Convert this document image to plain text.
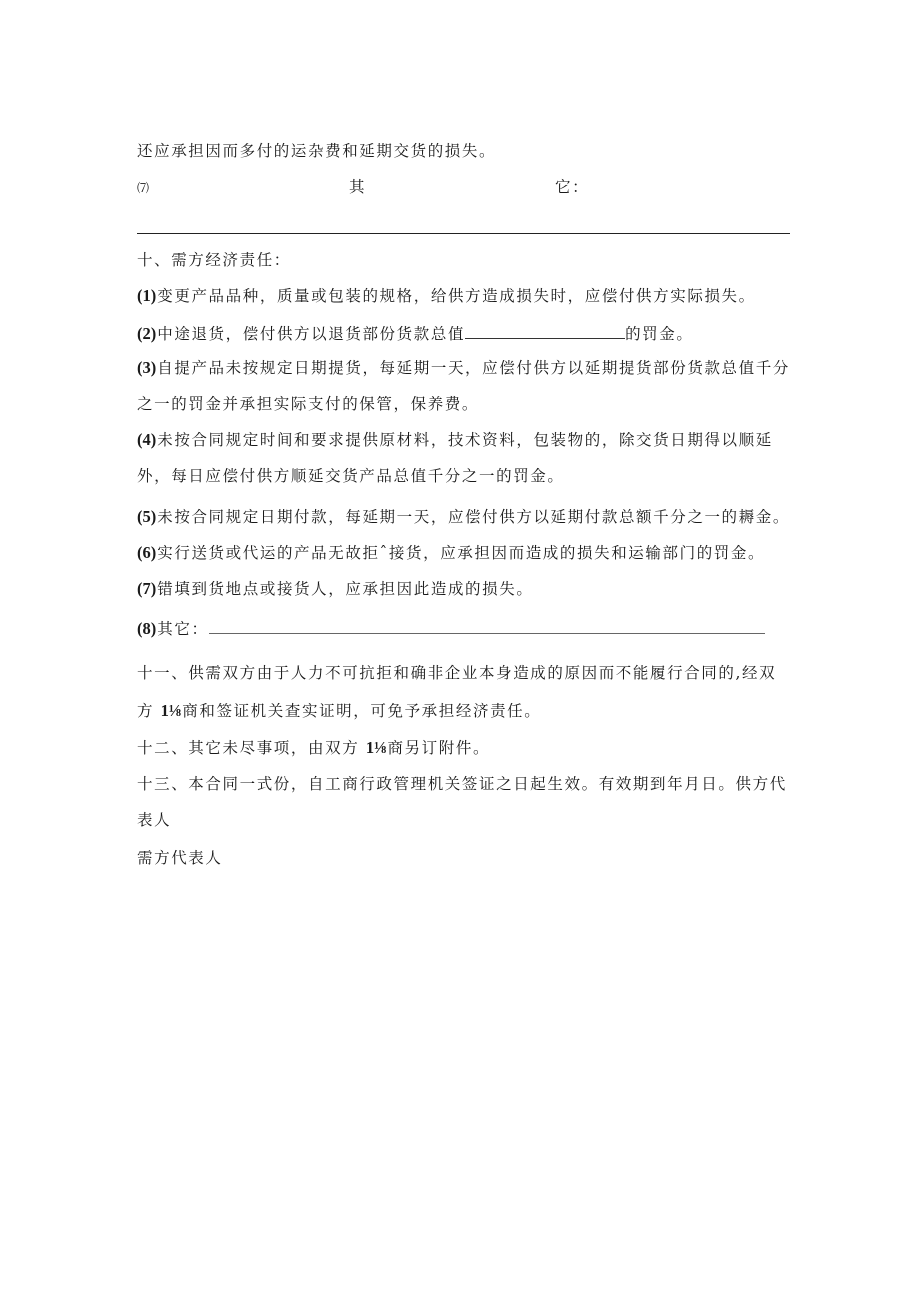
还应承担因而多付的运杂费和延期交货的损失。
⑺	其	它：
十、需方经济责任：
(1)变更产品品种，质量或包装的规格，给供方造成损失时，应偿付供方实际损失。
(2)中途退货，偿付供方以退货部份货款总值	的罚金。
(3)自提产品未按规定日期提货，每延期一天，应偿付供方以延期提货部份货款总值千分
之一的罚金并承担实际支付的保管，保养费。
(4)未按合同规定时间和要求提供原材料，技术资料，包装物的，除交货日期得以顺延
外，每日应偿付供方顺延交货产品总值千分之一的罚金。
(5)未按合同规定日期付款，每延期一天，应偿付供方以延期付款总额千分之一的耨金。
(6)实行送货或代运的产品无故拒ˆ接货，应承担因而造成的损失和运输部门的罚金。
(7)错填到货地点或接货人，应承担因此造成的损失。
(8)其它：
十一、供需双方由于人力不可抗拒和确非企业本身造成的原因而不能履行合同的,经双
方 1⅛商和签证机关查实证明，可免予承担经济责任。
十二、其它未尽事项，由双方 1⅛商另订附件。
十三、本合同一式份，自工商行政管理机关签证之日起生效。有效期到年月日。供方代
表人
需方代表人
